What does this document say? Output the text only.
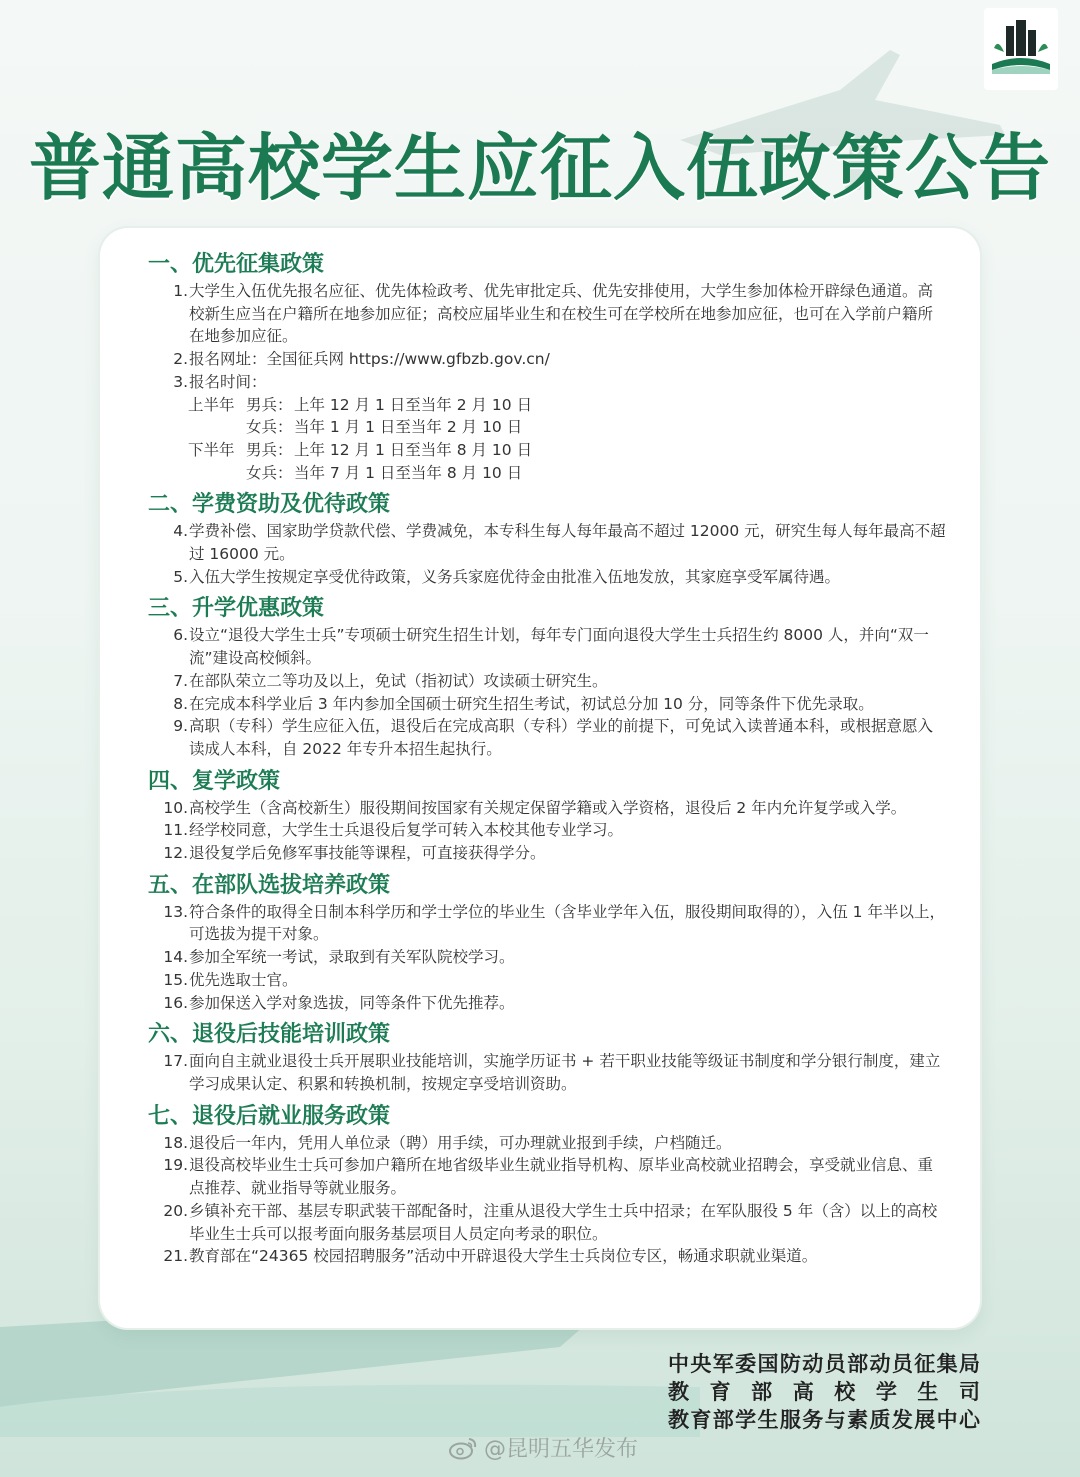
普通高校学生应征入伍政策公告
一、优先征集政策
1. 大学生入伍优先报名应征、优先体检政考、优先审批定兵、优先安排使用，大学生参加体检开辟绿色通道。高校新生应当在户籍所在地参加应征；高校应届毕业生和在校生可在学校所在地参加应征，也可在入学前户籍所在地参加应征。
2. 报名网址：全国征兵网 https://www.gfbzb.gov.cn/
3. 报名时间：
上半年 男兵：上年 12 月 1 日至当年 2 月 10 日
女兵：当年 1 月 1 日至当年 2 月 10 日
下半年 男兵：上年 12 月 1 日至当年 8 月 10 日
女兵：当年 7 月 1 日至当年 8 月 10 日
二、学费资助及优待政策
4. 学费补偿、国家助学贷款代偿、学费减免，本专科生每人每年最高不超过 12000 元，研究生每人每年最高不超过 16000 元。
5. 入伍大学生按规定享受优待政策，义务兵家庭优待金由批准入伍地发放，其家庭享受军属待遇。
三、升学优惠政策
6. 设立“退役大学生士兵”专项硕士研究生招生计划，每年专门面向退役大学生士兵招生约 8000 人，并向“双一流”建设高校倾斜。
7. 在部队荣立二等功及以上，免试（指初试）攻读硕士研究生。
8. 在完成本科学业后 3 年内参加全国硕士研究生招生考试，初试总分加 10 分，同等条件下优先录取。
9. 高职（专科）学生应征入伍，退役后在完成高职（专科）学业的前提下，可免试入读普通本科，或根据意愿入读成人本科，自 2022 年专升本招生起执行。
四、复学政策
10. 高校学生（含高校新生）服役期间按国家有关规定保留学籍或入学资格，退役后 2 年内允许复学或入学。
11. 经学校同意，大学生士兵退役后复学可转入本校其他专业学习。
12. 退役复学后免修军事技能等课程，可直接获得学分。
五、在部队选拔培养政策
13. 符合条件的取得全日制本科学历和学士学位的毕业生（含毕业学年入伍，服役期间取得的），入伍 1 年半以上，可选拔为提干对象。
14. 参加全军统一考试，录取到有关军队院校学习。
15. 优先选取士官。
16. 参加保送入学对象选拔，同等条件下优先推荐。
六、退役后技能培训政策
17. 面向自主就业退役士兵开展职业技能培训，实施学历证书 + 若干职业技能等级证书制度和学分银行制度，建立学习成果认定、积累和转换机制，按规定享受培训资助。
七、退役后就业服务政策
18. 退役后一年内，凭用人单位录（聘）用手续，可办理就业报到手续，户档随迁。
19. 退役高校毕业生士兵可参加户籍所在地省级毕业生就业指导机构、原毕业高校就业招聘会，享受就业信息、重点推荐、就业指导等就业服务。
20. 乡镇补充干部、基层专职武装干部配备时，注重从退役大学生士兵中招录；在军队服役 5 年（含）以上的高校毕业生士兵可以报考面向服务基层项目人员定向考录的职位。
21. 教育部在“24365 校园招聘服务”活动中开辟退役大学生士兵岗位专区，畅通求职就业渠道。
中央军委国防动员部动员征集局
教育部高校学生司
教育部学生服务与素质发展中心
@昆明五华发布
